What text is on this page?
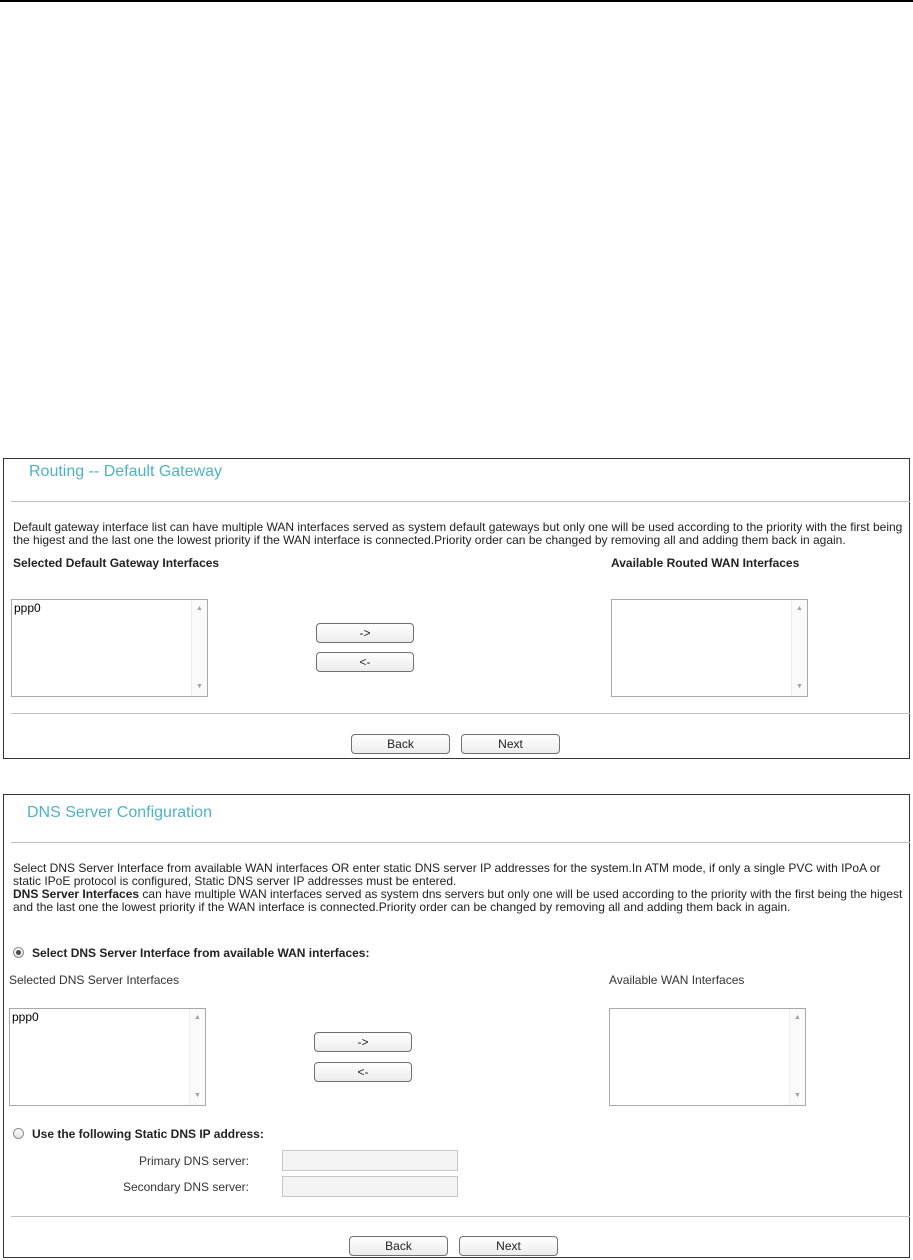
Routing -- Default Gateway
Default gateway interface list can have multiple WAN interfaces served as system default gateways but only one will be used according to the priority with the first being the higest and the last one the lowest priority if the WAN interface is connected.Priority order can be changed by removing all and adding them back in again.
Selected Default Gateway Interfaces	Available Routed WAN Interfaces
ppp0	▲
▼
->
<-
▲
▼
Back	Next
DNS Server Configuration
Select DNS Server Interface from available WAN interfaces OR enter static DNS server IP addresses for the system.In ATM mode, if only a single PVC with IPoA or static IPoE protocol is configured, Static DNS server IP addresses must be entered.
DNS Server Interfaces can have multiple WAN interfaces served as system dns servers but only one will be used according to the priority with the first being the higest and the last one the lowest priority if the WAN interface is connected.Priority order can be changed by removing all and adding them back in again.
Select DNS Server Interface from available WAN interfaces:
Selected DNS Server Interfaces	Available WAN Interfaces
ppp0	▲
▼
->
<-
▲
▼
Use the following Static DNS IP address:
Primary DNS server:
Secondary DNS server:
Back	Next
